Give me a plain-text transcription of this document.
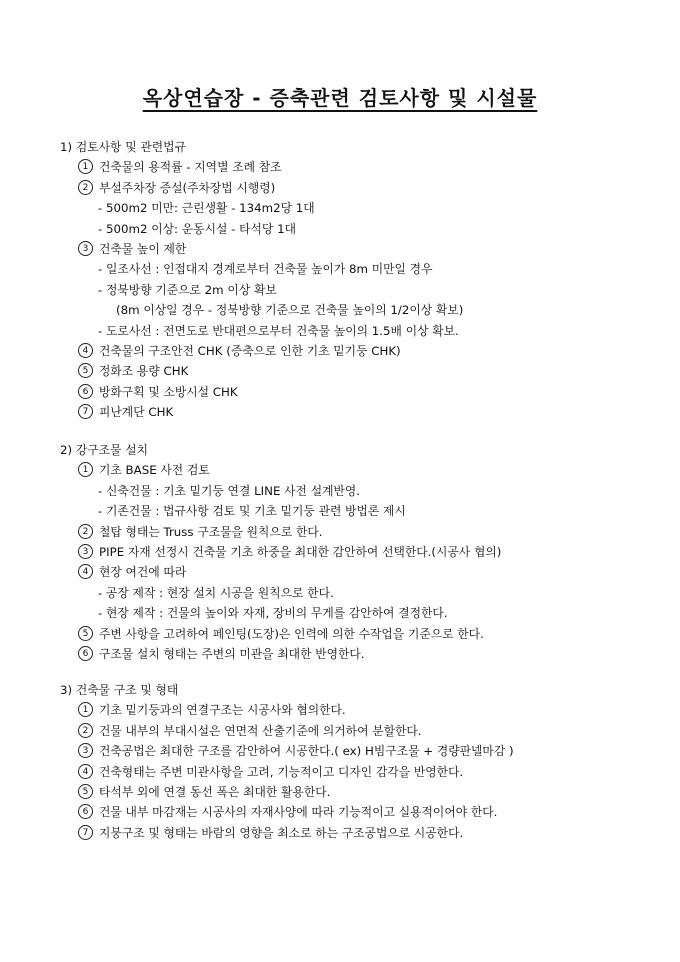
옥상연습장 - 증축관련 검토사항 및 시설물
1) 검토사항 및 관련법규
1 건축물의 용적률 - 지역별 조례 참조
2 부설주차장 증설(주차장법 시행령)
- 500m2 미만: 근린생활 - 134m2당 1대
- 500m2 이상: 운동시설 - 타석당 1대
3 건축물 높이 제한
- 일조사선 : 인접대지 경계로부터 건축물 높이가 8m 미만일 경우
- 정북방향 기준으로 2m 이상 확보
(8m 이상일 경우 - 정북방향 기준으로 건축물 높이의 1/2이상 확보)
- 도로사선 : 전면도로 반대편으로부터 건축물 높이의 1.5배 이상 확보.
4 건축물의 구조안전 CHK (증축으로 인한 기초 밑기둥 CHK)
5 정화조 용량 CHK
6 방화구획 및 소방시설 CHK
7 피난계단 CHK
2) 강구조물 설치
1 기초 BASE 사전 검토
- 신축건물 : 기초 밑기둥 연결 LINE 사전 설계반영.
- 기존건물 : 법규사항 검토 및 기초 밑기둥 관련 방법론 제시
2 철탑 형태는 Truss 구조물을 원칙으로 한다.
3 PIPE 자재 선정시 건축물 기초 하중을 최대한 감안하여 선택한다.(시공사 협의)
4 현장 여건에 따라
- 공장 제작 : 현장 설치 시공을 원칙으로 한다.
- 현장 제작 : 건물의 높이와 자재, 장비의 무게를 감안하여 결정한다.
5 주변 사항을 고려하여 페인팅(도장)은 인력에 의한 수작업을 기준으로 한다.
6 구조물 설치 형태는 주변의 미관을 최대한 반영한다.
3) 건축물 구조 및 형태
1 기초 밑기둥과의 연결구조는 시공사와 협의한다.
2 건물 내부의 부대시설은 연면적 산출기준에 의거하여 분할한다.
3 건축공법은 최대한 구조를 감안하여 시공한다.( ex) H빔구조물 + 경량판넬마감 )
4 건축형태는 주변 미관사항을 고려, 기능적이고 디자인 감각을 반영한다.
5 타석부 외에 연결 동선 폭은 최대한 활용한다.
6 건물 내부 마감재는 시공사의 자재사양에 따라 기능적이고 실용적이어야 한다.
7 지붕구조 및 형태는 바람의 영향을 최소로 하는 구조공법으로 시공한다.
